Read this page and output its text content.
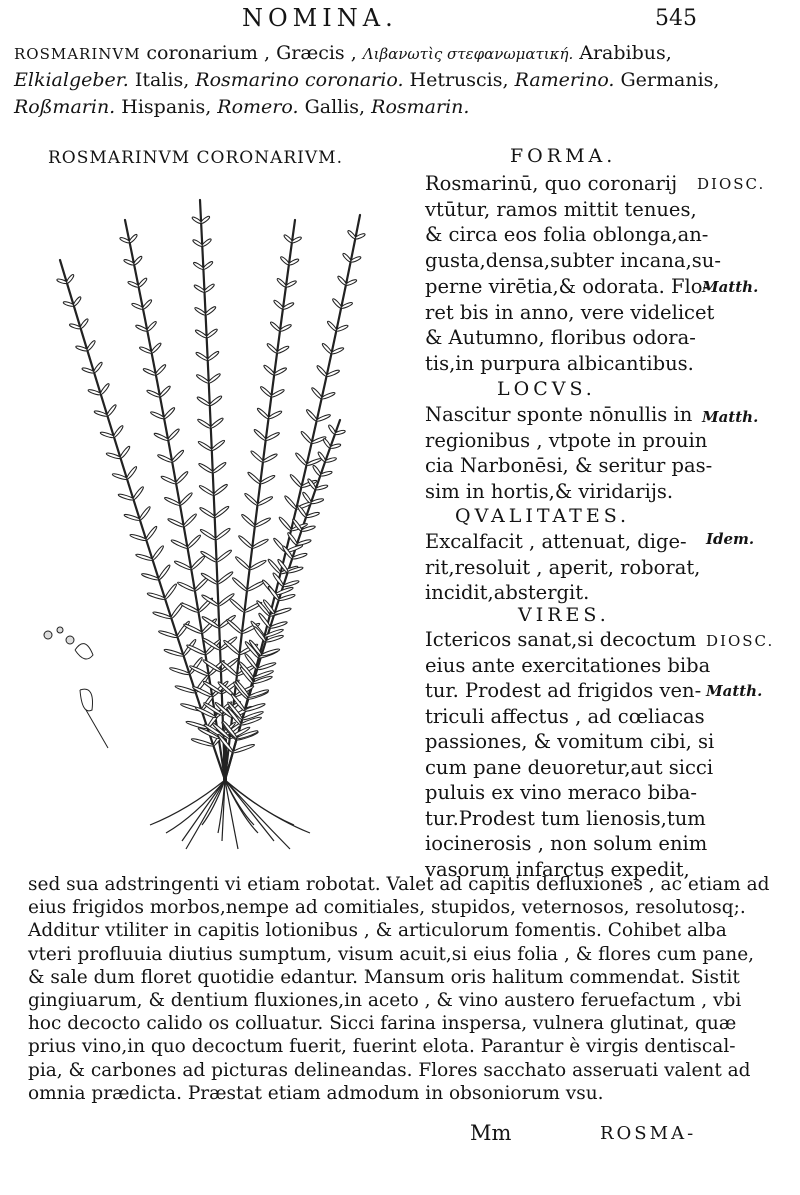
NOMINA.	545
ROSMARINVM coronarium , Græcis , Λιβανωτὶς στεφανωματική. Arabibus,
Elkialgeber. Italis, Rosmarino coronario. Hetruscis, Ramerino. Germanis,
Roßmarin. Hispanis, Romero. Gallis, Rosmarin.
ROSMARINVM CORONARIVM.	FORMA.
LOCVS.
QVALITATES.
VIRES.
Rosmarinū, quo coronarij
vtūtur, ramos mittit tenues,
& circa eos folia oblonga,an-
gusta,densa,subter incana,su-
perne virētia,& odorata. Flo-
ret bis in anno, vere videlicet
& Autumno, floribus odora-
tis,in purpura albicantibus.
Nascitur sponte nōnullis in
regionibus , vtpote in prouin
cia Narbonēsi, & seritur pas-
sim in hortis,& viridarijs.
Excalfacit , attenuat, dige-
rit,resoluit , aperit, roborat,
incidit,abstergit.
Ictericos sanat,si decoctum
eius ante exercitationes biba
tur. Prodest ad frigidos ven-
triculi affectus , ad cœliacas
passiones, & vomitum cibi, si
cum pane deuoretur,aut sicci
puluis ex vino meraco biba-
tur.Prodest tum lienosis,tum
iocinerosis , non solum enim
vasorum infarctus expedit,
sed sua adstringenti vi etiam robotat. Valet ad capitis defluxiones , ac etiam ad
eius frigidos morbos,nempe ad comitiales, stupidos, veternosos, resolutosq;.
Additur vtiliter in capitis lotionibus , & articulorum fomentis. Cohibet alba
vteri profluuia diutius sumptum, visum acuit,si eius folia , & flores cum pane,
& sale dum floret quotidie edantur. Mansum oris halitum commendat. Sistit
gingiuarum, & dentium fluxiones,in aceto , & vino austero feruefactum , vbi
hoc decocto calido os colluatur. Sicci farina inspersa, vulnera glutinat, quæ
prius vino,in quo decoctum fuerit, fuerint elota. Parantur è virgis dentiscal-
pia, & carbones ad picturas delineandas. Flores sacchato asseruati valent ad
omnia prædicta. Præstat etiam admodum in obsoniorum vsu.
DIOSC.
Matth.
Matth.
Idem.
DIOSC.
Matth.
Mm	ROSMA-
